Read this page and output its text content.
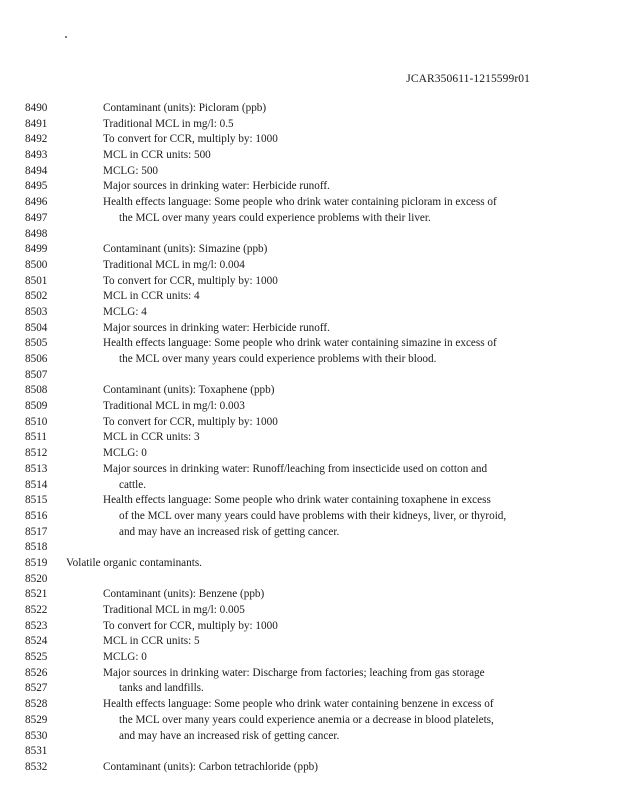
JCAR350611-1215599r01
8490	Contaminant (units): Picloram (ppb)
8491	Traditional MCL in mg/l: 0.5
8492	To convert for CCR, multiply by: 1000
8493	MCL in CCR units: 500
8494	MCLG: 500
8495	Major sources in drinking water: Herbicide runoff.
8496	Health effects language: Some people who drink water containing picloram in excess of
8497	the MCL over many years could experience problems with their liver.
8498
8499	Contaminant (units): Simazine (ppb)
8500	Traditional MCL in mg/l: 0.004
8501	To convert for CCR, multiply by: 1000
8502	MCL in CCR units: 4
8503	MCLG: 4
8504	Major sources in drinking water: Herbicide runoff.
8505	Health effects language: Some people who drink water containing simazine in excess of
8506	the MCL over many years could experience problems with their blood.
8507
8508	Contaminant (units): Toxaphene (ppb)
8509	Traditional MCL in mg/l: 0.003
8510	To convert for CCR, multiply by: 1000
8511	MCL in CCR units: 3
8512	MCLG: 0
8513	Major sources in drinking water: Runoff/leaching from insecticide used on cotton and
8514	cattle.
8515	Health effects language: Some people who drink water containing toxaphene in excess
8516	of the MCL over many years could have problems with their kidneys, liver, or thyroid,
8517	and may have an increased risk of getting cancer.
8518
8519 Volatile organic contaminants.
8520
8521	Contaminant (units): Benzene (ppb)
8522	Traditional MCL in mg/l: 0.005
8523	To convert for CCR, multiply by: 1000
8524	MCL in CCR units: 5
8525	MCLG: 0
8526	Major sources in drinking water: Discharge from factories; leaching from gas storage
8527	tanks and landfills.
8528	Health effects language: Some people who drink water containing benzene in excess of
8529	the MCL over many years could experience anemia or a decrease in blood platelets,
8530	and may have an increased risk of getting cancer.
8531
8532	Contaminant (units): Carbon tetrachloride (ppb)
